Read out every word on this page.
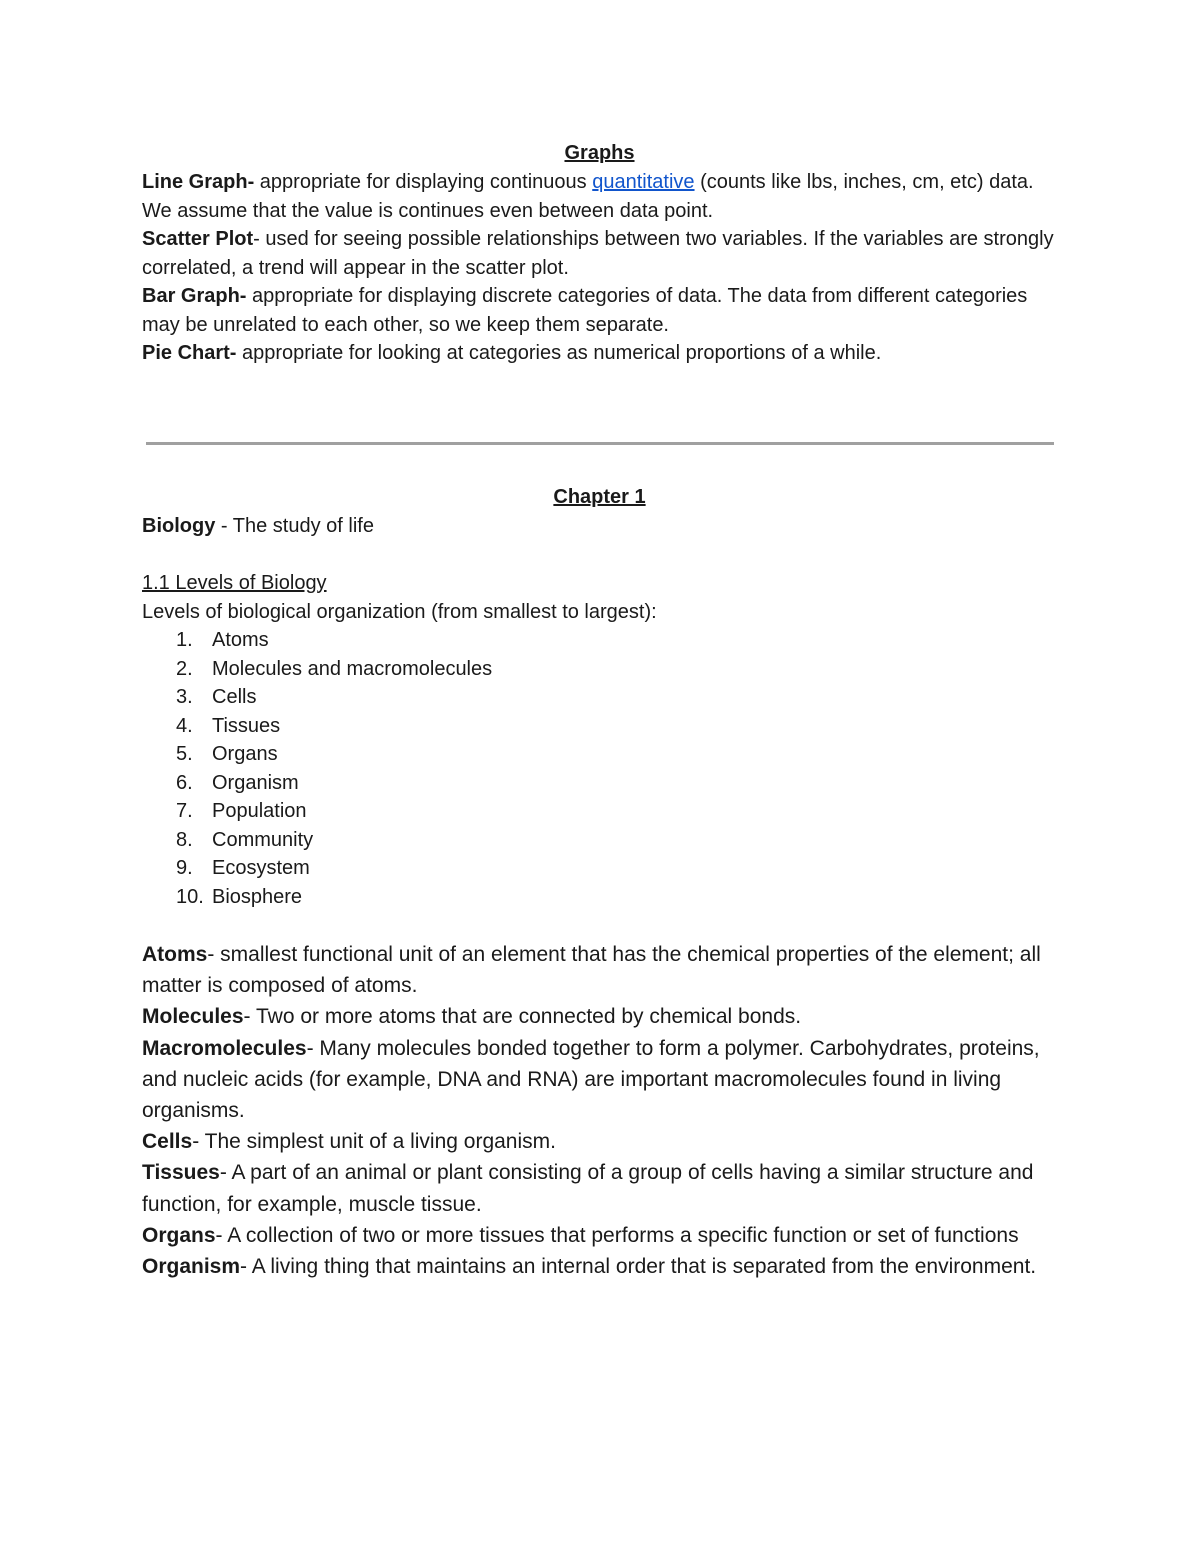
Graphs

Line Graph- appropriate for displaying continuous quantitative (counts like lbs, inches, cm, etc) data. We assume that the value is continues even between data point.

Scatter Plot- used for seeing possible relationships between two variables. If the variables are strongly correlated, a trend will appear in the scatter plot.

Bar Graph- appropriate for displaying discrete categories of data. The data from different categories may be unrelated to each other, so we keep them separate.

Pie Chart- appropriate for looking at categories as numerical proportions of a while.

Chapter 1

Biology - The study of life

1.1 Levels of Biology

Levels of biological organization (from smallest to largest):

1. Atoms
2. Molecules and macromolecules
3. Cells
4. Tissues
5. Organs
6. Organism
7. Population
8. Community
9. Ecosystem
10. Biosphere

Atoms- smallest functional unit of an element that has the chemical properties of the element; all matter is composed of atoms.

Molecules- Two or more atoms that are connected by chemical bonds.

Macromolecules- Many molecules bonded together to form a polymer. Carbohydrates, proteins, and nucleic acids (for example, DNA and RNA) are important macromolecules found in living organisms.

Cells- The simplest unit of a living organism.

Tissues- A part of an animal or plant consisting of a group of cells having a similar structure and function, for example, muscle tissue.

Organs- A collection of two or more tissues that performs a specific function or set of functions

Organism- A living thing that maintains an internal order that is separated from the environment.
